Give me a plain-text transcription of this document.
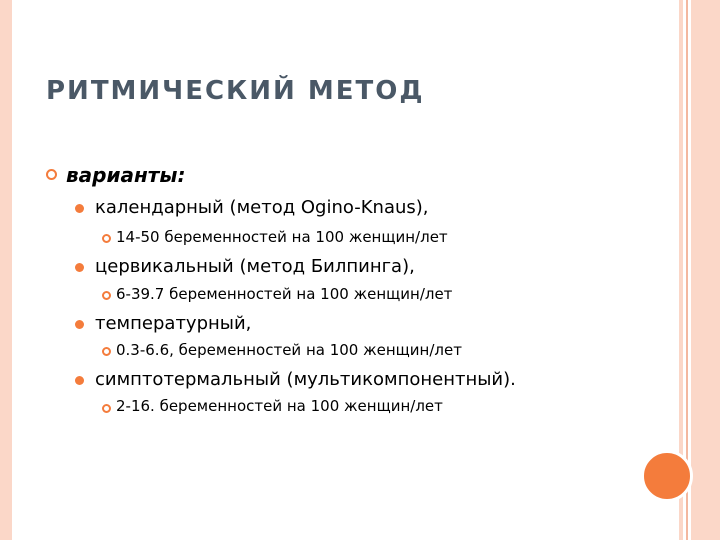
РИТМИЧЕСКИЙ МЕТОД
варианты:
календарный (метод Ogino-Knaus),
14-50 беременностей на 100 женщин/лет
цервикальный (метод Билпинга),
6-39.7 беременностей на 100 женщин/лет
температурный,
0.3-6.6, беременностей на 100 женщин/лет
симптотермальный (мультикомпонентный).
2-16. беременностей на 100 женщин/лет
